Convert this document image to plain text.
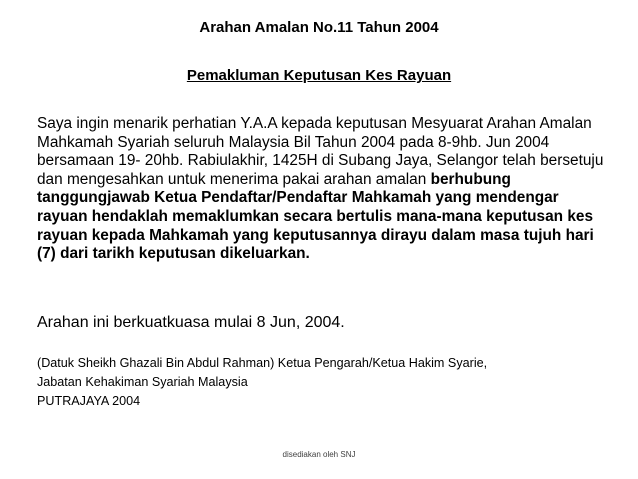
Arahan Amalan No.11 Tahun 2004
Pemakluman Keputusan Kes Rayuan

Saya ingin menarik perhatian Y.A.A kepada keputusan Mesyuarat Arahan Amalan Mahkamah Syariah seluruh Malaysia Bil Tahun 2004 pada 8-9hb. Jun 2004 bersamaan 19- 20hb. Rabiulakhir, 1425H di Subang Jaya, Selangor telah bersetuju dan mengesahkan untuk menerima pakai arahan amalan berhubung tanggungjawab Ketua Pendaftar/Pendaftar Mahkamah yang mendengar rayuan hendaklah memaklumkan secara bertulis mana-mana keputusan kes rayuan kepada Mahkamah yang keputusannya dirayu dalam masa tujuh hari (7) dari tarikh keputusan dikeluarkan.

Arahan ini berkuatkuasa mulai 8 Jun, 2004.

(Datuk Sheikh Ghazali Bin Abdul Rahman) Ketua Pengarah/Ketua Hakim Syarie,
Jabatan Kehakiman Syariah Malaysia
PUTRAJAYA 2004
disediakan oleh SNJ
